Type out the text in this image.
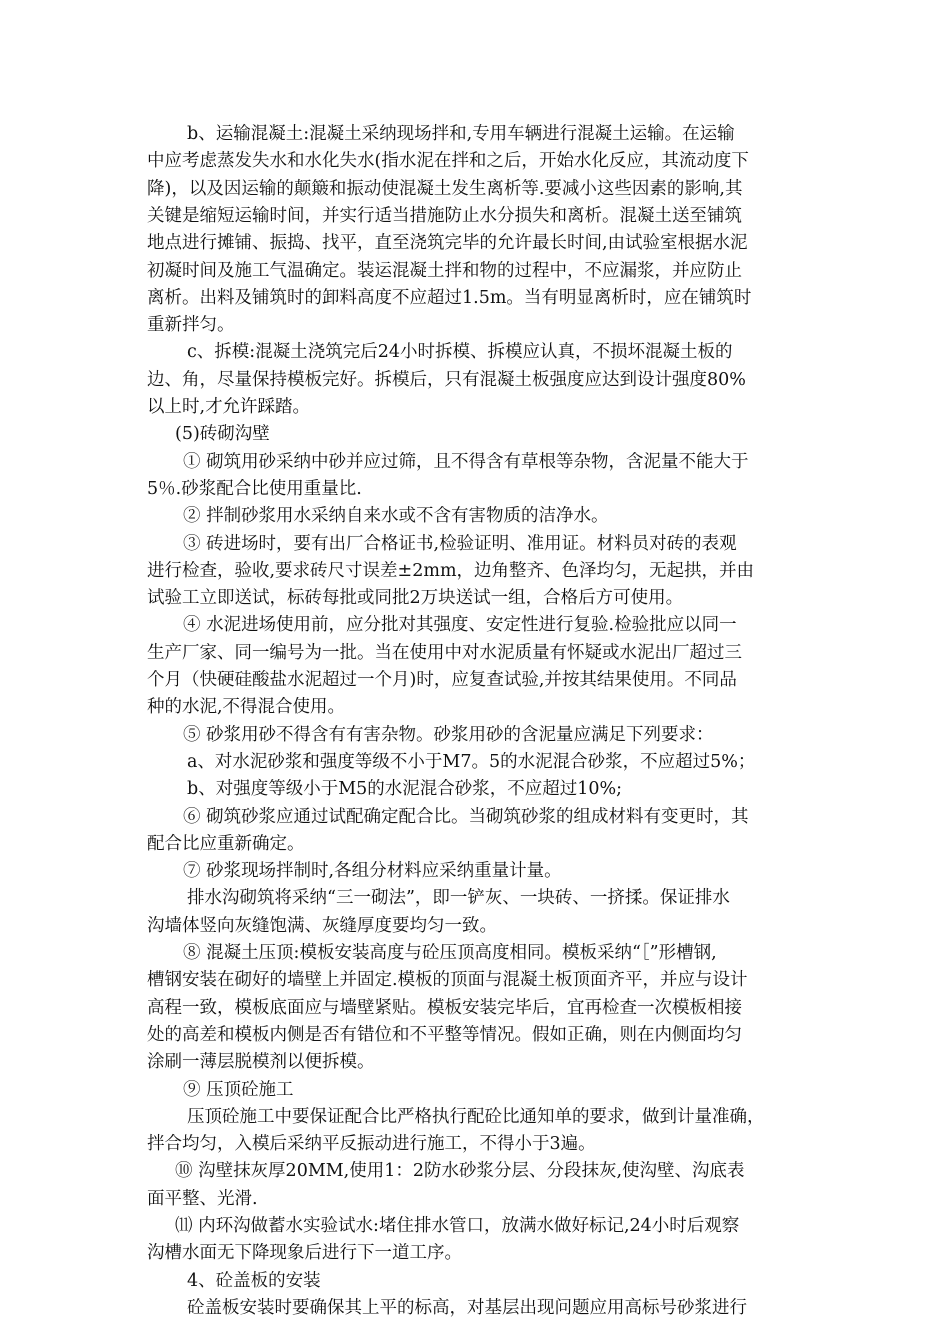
b、运输混凝土:混凝土采纳现场拌和,专用车辆进行混凝土运输。在运输
中应考虑蒸发失水和水化失水(指水泥在拌和之后，开始水化反应，其流动度下
降)，以及因运输的颠簸和振动使混凝土发生离析等.要减小这些因素的影响,其
关键是缩短运输时间，并实行适当措施防止水分损失和离析。混凝土送至铺筑
地点进行摊铺、振捣、找平，直至浇筑完毕的允许最长时间,由试验室根据水泥
初凝时间及施工气温确定。装运混凝土拌和物的过程中，不应漏浆，并应防止
离析。出料及铺筑时的卸料高度不应超过1.5m。当有明显离析时，应在铺筑时
重新拌匀。
c、拆模:混凝土浇筑完后24小时拆模、拆模应认真，不损坏混凝土板的
边、角，尽量保持模板完好。拆模后，只有混凝土板强度应达到设计强度80%
以上时,才允许踩踏。
(5)砖砌沟壁
① 砌筑用砂采纳中砂并应过筛，且不得含有草根等杂物，含泥量不能大于
5％.砂浆配合比使用重量比.
② 拌制砂浆用水采纳自来水或不含有害物质的洁净水。
③ 砖进场时，要有出厂合格证书,检验证明、准用证。材料员对砖的表观
进行检查，验收,要求砖尺寸误差±2mm，边角整齐、色泽均匀，无起拱，并由
试验工立即送试，标砖每批或同批2万块送试一组，合格后方可使用。
④ 水泥进场使用前，应分批对其强度、安定性进行复验.检验批应以同一
生产厂家、同一编号为一批。当在使用中对水泥质量有怀疑或水泥出厂超过三
个月（快硬硅酸盐水泥超过一个月)时，应复查试验,并按其结果使用。不同品
种的水泥,不得混合使用。
⑤ 砂浆用砂不得含有有害杂物。砂浆用砂的含泥量应满足下列要求：
a、对水泥砂浆和强度等级不小于M7。5的水泥混合砂浆，不应超过5%；
b、对强度等级小于M5的水泥混合砂浆，不应超过10%;
⑥ 砌筑砂浆应通过试配确定配合比。当砌筑砂浆的组成材料有变更时，其
配合比应重新确定。
⑦ 砂浆现场拌制时,各组分材料应采纳重量计量。
排水沟砌筑将采纳“三一砌法”，即一铲灰、一块砖、一挤揉。保证排水
沟墙体竖向灰缝饱满、灰缝厚度要均匀一致。
⑧ 混凝土压顶:模板安装高度与砼压顶高度相同。模板采纳“［”形槽钢,
槽钢安装在砌好的墙壁上并固定.模板的顶面与混凝土板顶面齐平，并应与设计
高程一致，模板底面应与墙壁紧贴。模板安装完毕后，宜再检查一次模板相接
处的高差和模板内侧是否有错位和不平整等情况。假如正确，则在内侧面均匀
涂刷一薄层脱模剂以便拆模。
⑨ 压顶砼施工
压顶砼施工中要保证配合比严格执行配砼比通知单的要求，做到计量准确，
拌合均匀，入模后采纳平反振动进行施工，不得小于3遍。
⑩ 沟壁抹灰厚20MM,使用1：2防水砂浆分层、分段抹灰,使沟壁、沟底表
面平整、光滑.
⑾ 内环沟做蓄水实验试水:堵住排水管口，放满水做好标记,24小时后观察
沟槽水面无下降现象后进行下一道工序。
4、砼盖板的安装
砼盖板安装时要确保其上平的标高，对基层出现问题应用高标号砂浆进行
